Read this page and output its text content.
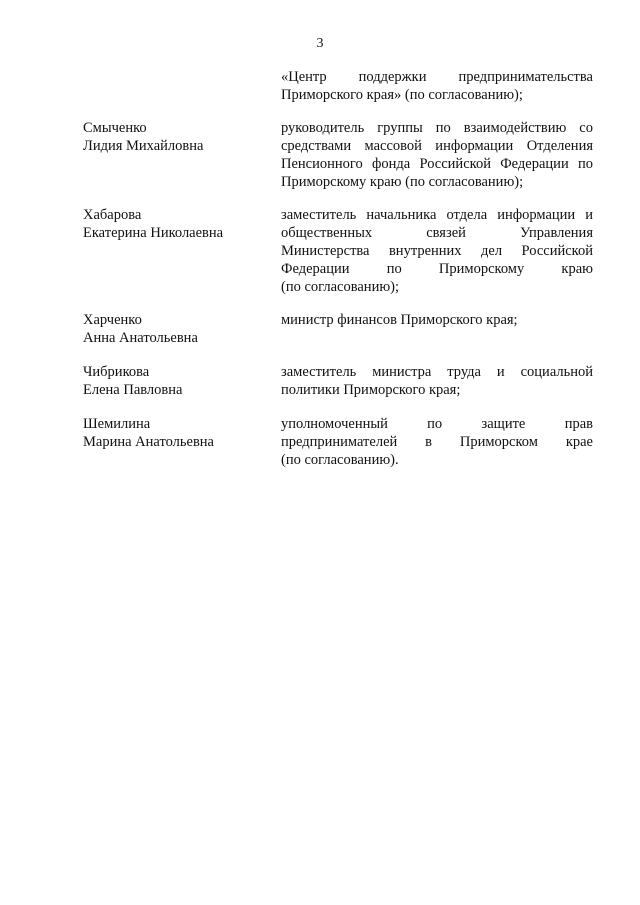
3
«Центр поддержки предпринимательства
Приморского края» (по согласованию);
Смыченко
Лидия Михайловна
руководитель группы по взаимодействию со
средствами массовой информации Отделения
Пенсионного фонда Российской Федерации по
Приморскому краю (по согласованию);
Хабарова
Екатерина Николаевна
заместитель начальника отдела информации и
общественных связей Управления
Министерства внутренних дел Российской
Федерации по Приморскому краю
(по согласованию);
Харченко
Анна Анатольевна
министр финансов Приморского края;
Чибрикова
Елена Павловна
заместитель министра труда и социальной
политики Приморского края;
Шемилина
Марина Анатольевна
уполномоченный по защите прав
предпринимателей в Приморском крае
(по согласованию).
